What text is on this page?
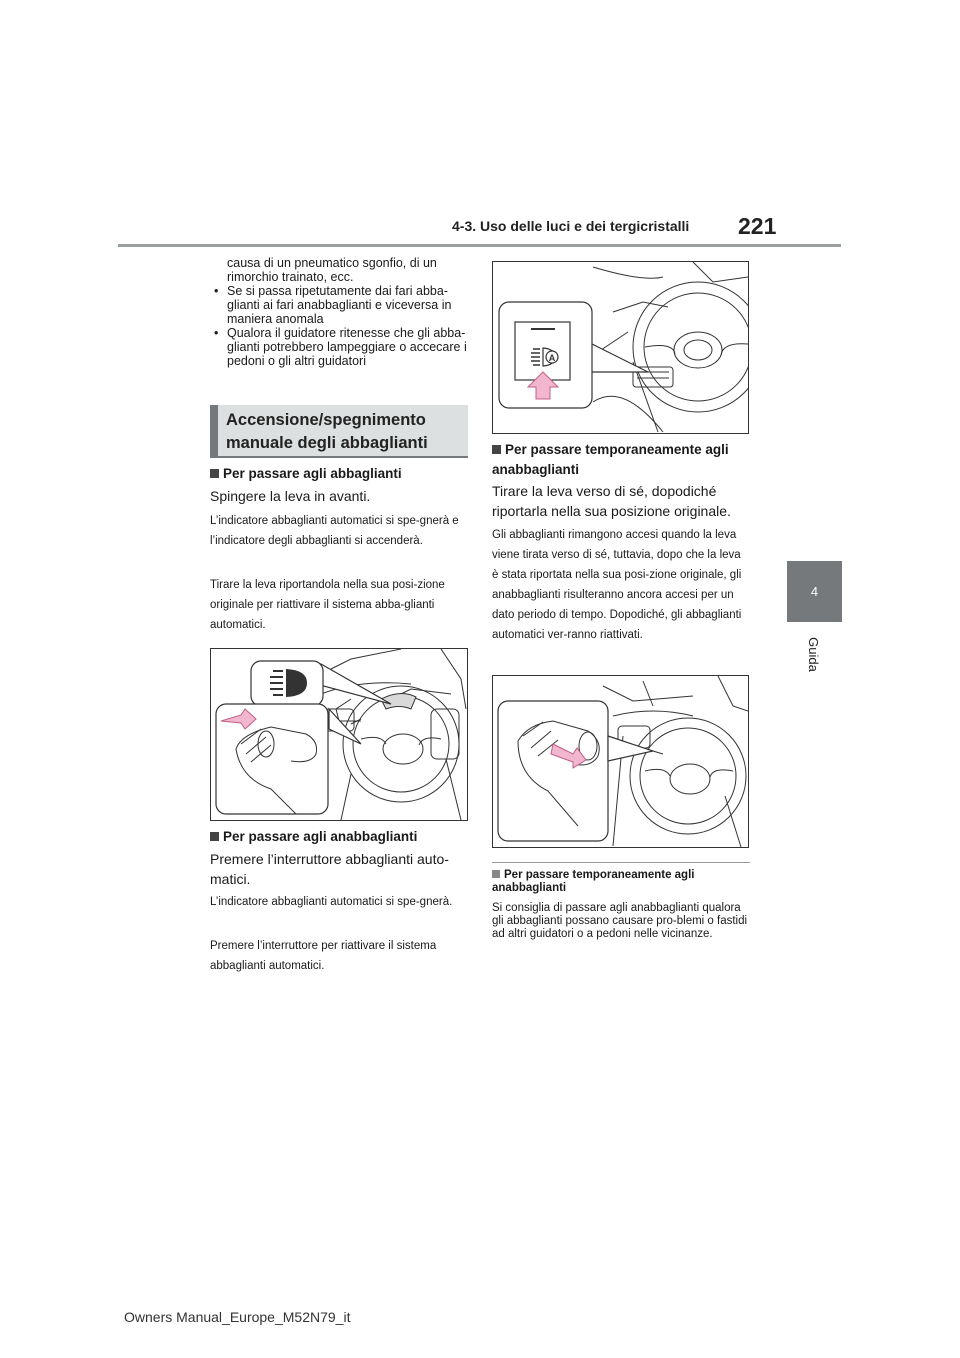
4-3. Uso delle luci e dei tergicristalli 221
4
Guida
causa di un pneumatico sgonfio, di un rimorchio trainato, ecc.
• Se si passa ripetutamente dai fari abba-glianti ai fari anabbaglianti e viceversa in maniera anomala
• Qualora il guidatore ritenesse che gli abba-glianti potrebbero lampeggiare o accecare i pedoni o gli altri guidatori
Accensione/spegnimento manuale degli abbaglianti
Per passare agli abbaglianti
Spingere la leva in avanti.
L’indicatore abbaglianti automatici si spe-gnerà e l’indicatore degli abbaglianti si accenderà.
Tirare la leva riportandola nella sua posi-zione originale per riattivare il sistema abba-glianti automatici.
Per passare agli anabbaglianti
Premere l’interruttore abbaglianti auto-matici.
L’indicatore abbaglianti automatici si spe-gnerà.
Premere l’interruttore per riattivare il sistema abbaglianti automatici.
A
Per passare temporaneamente agli anabbaglianti
Tirare la leva verso di sé, dopodiché riportarla nella sua posizione originale.
Gli abbaglianti rimangono accesi quando la leva viene tirata verso di sé, tuttavia, dopo che la leva è stata riportata nella sua posi-zione originale, gli anabbaglianti risulteranno ancora accesi per un dato periodo di tempo. Dopodiché, gli abbaglianti automatici ver-ranno riattivati.
Per passare temporaneamente agli anabbaglianti
Si consiglia di passare agli anabbaglianti qualora gli abbaglianti possano causare pro-blemi o fastidi ad altri guidatori o a pedoni nelle vicinanze.
Owners Manual_Europe_M52N79_it
